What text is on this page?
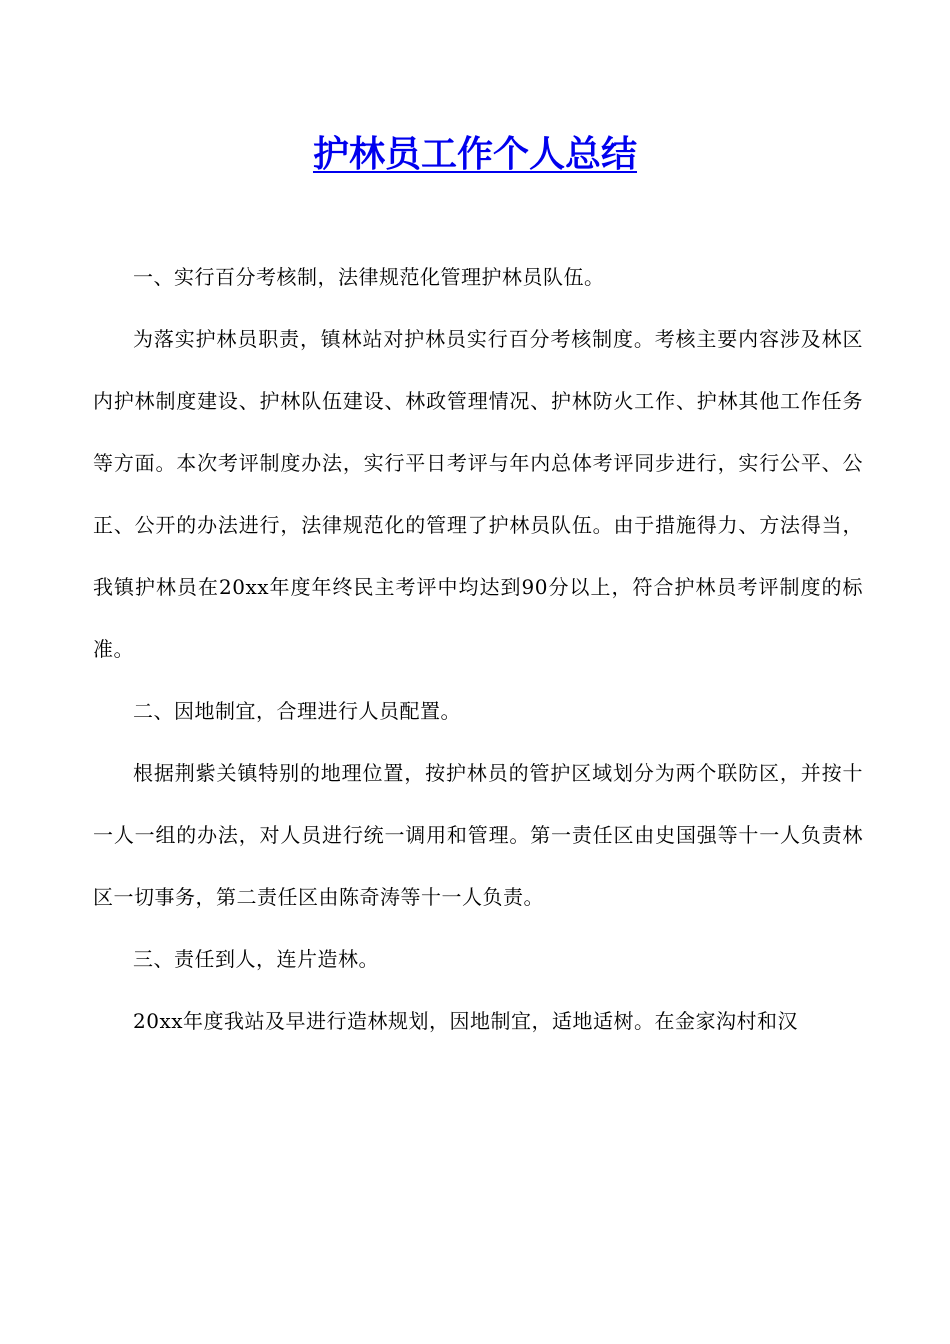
护林员工作个人总结

一、实行百分考核制，法律规范化管理护林员队伍。

为落实护林员职责，镇林站对护林员实行百分考核制度。考核主要内容涉及林区内护林制度建设、护林队伍建设、林政管理情况、护林防火工作、护林其他工作任务等方面。本次考评制度办法，实行平日考评与年内总体考评同步进行，实行公平、公正、公开的办法进行，法律规范化的管理了护林员队伍。由于措施得力、方法得当，我镇护林员在20xx年度年终民主考评中均达到90分以上，符合护林员考评制度的标准。

二、因地制宜，合理进行人员配置。

根据荆紫关镇特别的地理位置，按护林员的管护区域划分为两个联防区，并按十一人一组的办法，对人员进行统一调用和管理。第一责任区由史国强等十一人负责林区一切事务，第二责任区由陈奇涛等十一人负责。

三、责任到人，连片造林。

20xx年度我站及早进行造林规划，因地制宜，适地适树。在金家沟村和汉
